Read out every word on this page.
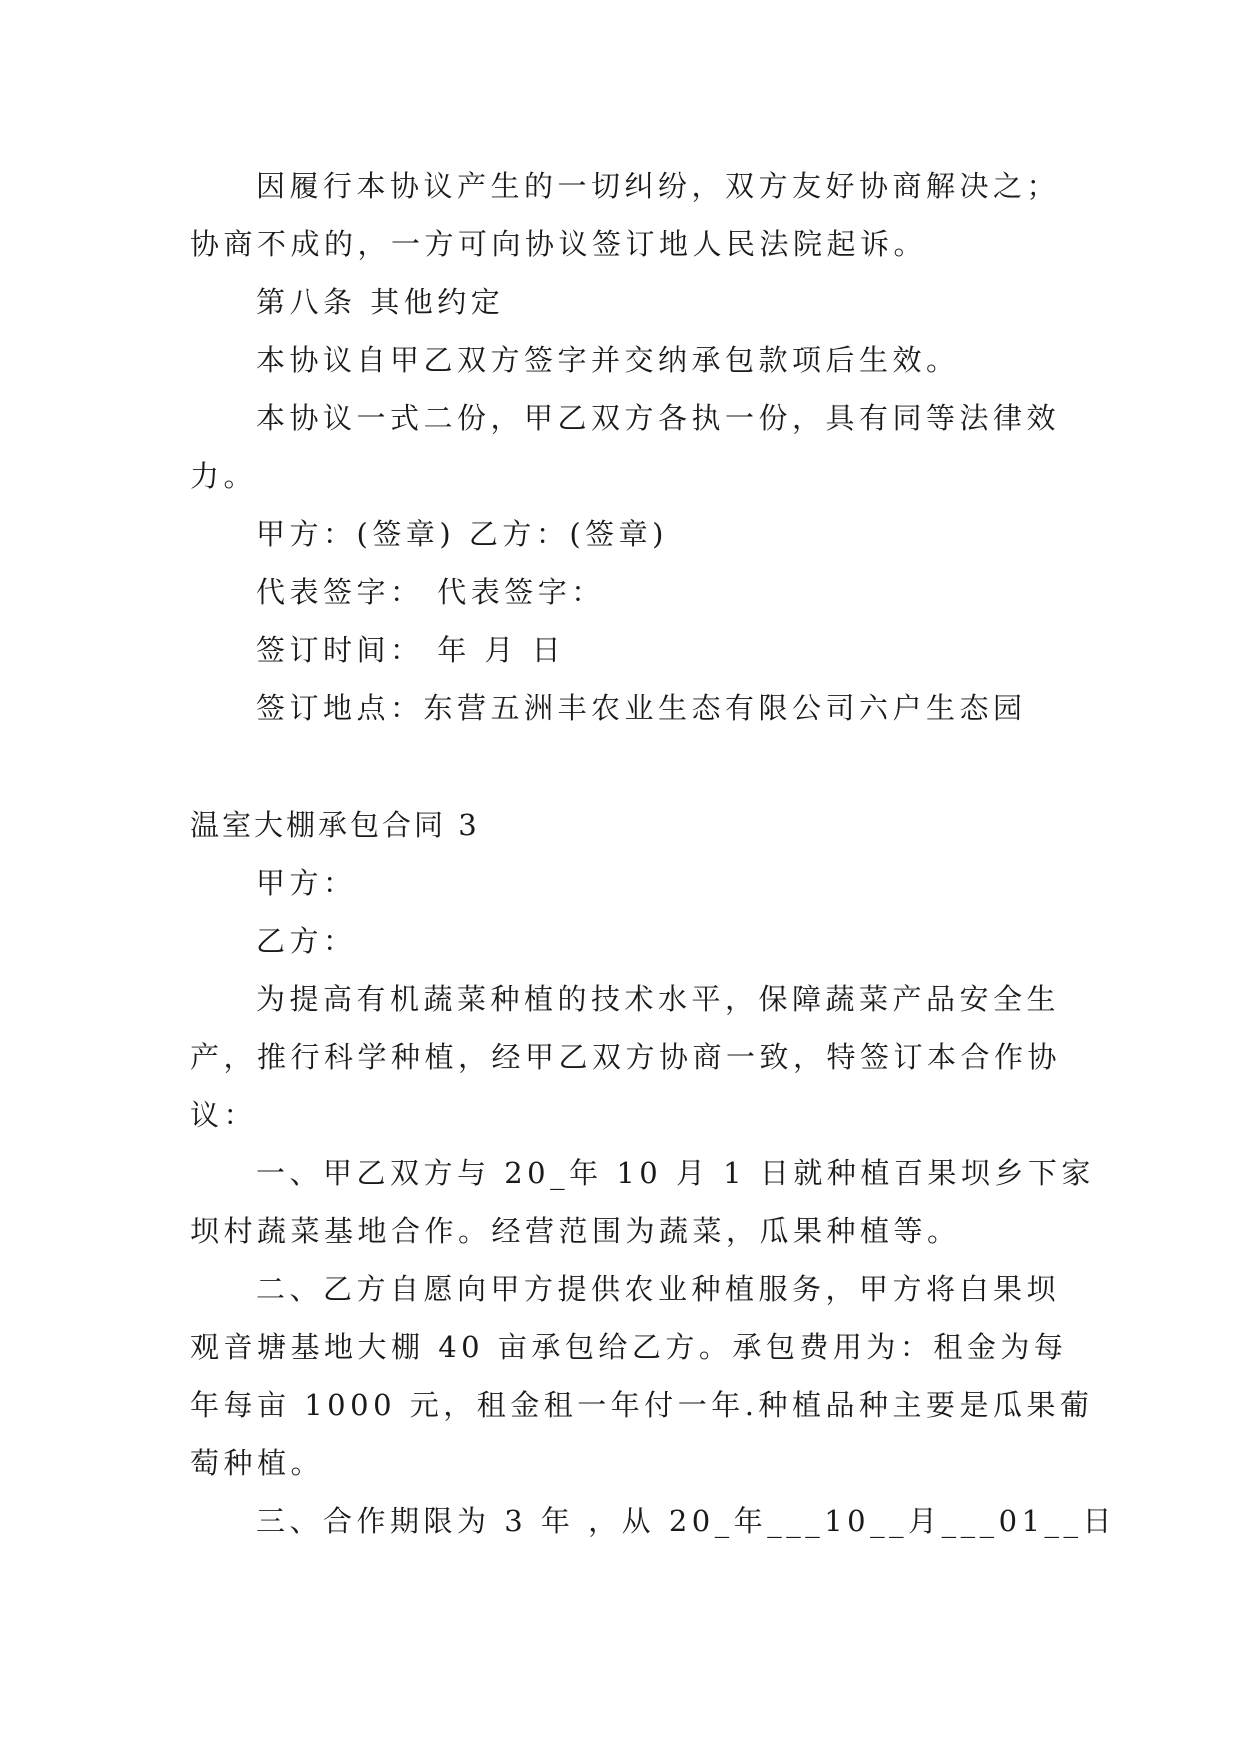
因履行本协议产生的一切纠纷，双方友好协商解决之；
协商不成的，一方可向协议签订地人民法院起诉。
第八条 其他约定
本协议自甲乙双方签字并交纳承包款项后生效。
本协议一式二份，甲乙双方各执一份，具有同等法律效
力。
甲方：(签章) 乙方：(签章)
代表签字： 代表签字：
签订时间： 年 月 日
签订地点：东营五洲丰农业生态有限公司六户生态园
温室大棚承包合同 3
甲方：
乙方：
为提高有机蔬菜种植的技术水平，保障蔬菜产品安全生
产，推行科学种植，经甲乙双方协商一致，特签订本合作协
议：
一、甲乙双方与 20_年 10 月 1 日就种植百果坝乡下家
坝村蔬菜基地合作。经营范围为蔬菜，瓜果种植等。
二、乙方自愿向甲方提供农业种植服务，甲方将白果坝
观音塘基地大棚 40 亩承包给乙方。承包费用为：租金为每
年每亩 1000 元，租金租一年付一年.种植品种主要是瓜果葡
萄种植。
三、合作期限为 3 年 ，从 20_年___10__月___01__日
